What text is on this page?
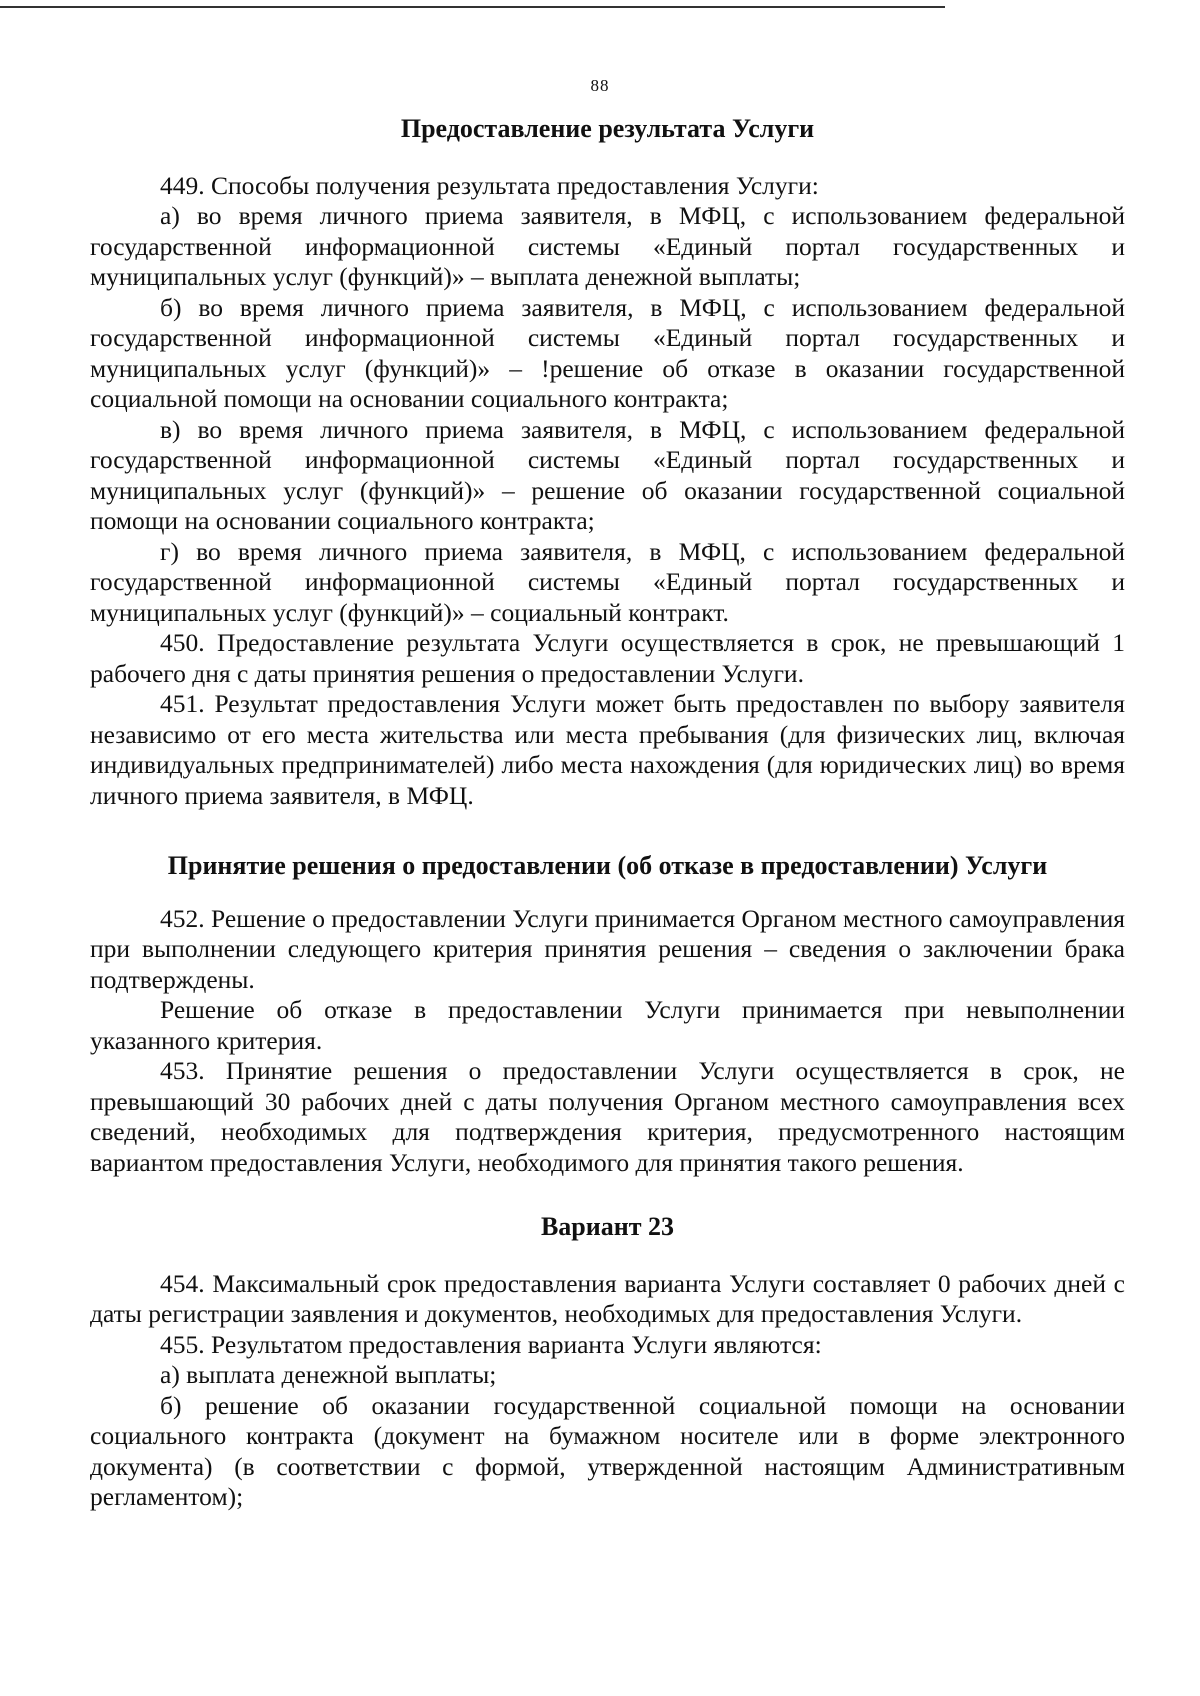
88
Предоставление результата Услуги

449. Способы получения результата предоставления Услуги:

а) во время личного приема заявителя, в МФЦ, с использованием федеральной государственной информационной системы «Единый портал государственных и муниципальных услуг (функций)» – выплата денежной выплаты;

б) во время личного приема заявителя, в МФЦ, с использованием федеральной государственной информационной системы «Единый портал государственных и муниципальных услуг (функций)» – !решение об отказе в оказании государственной социальной помощи на основании социального контракта;

в) во время личного приема заявителя, в МФЦ, с использованием федеральной государственной информационной системы «Единый портал государственных и муниципальных услуг (функций)» – решение об оказании государственной социальной помощи на основании социального контракта;

г) во время личного приема заявителя, в МФЦ, с использованием федеральной государственной информационной системы «Единый портал государственных и муниципальных услуг (функций)» – социальный контракт.

450. Предоставление результата Услуги осуществляется в срок, не превышающий 1 рабочего дня с даты принятия решения о предоставлении Услуги.

451. Результат предоставления Услуги может быть предоставлен по выбору заявителя независимо от его места жительства или места пребывания (для физических лиц, включая индивидуальных предпринимателей) либо места нахождения (для юридических лиц) во время личного приема заявителя, в МФЦ.

Принятие решения о предоставлении (об отказе в предоставлении) Услуги

452. Решение о предоставлении Услуги принимается Органом местного самоуправления при выполнении следующего критерия принятия решения – сведения о заключении брака подтверждены.

Решение об отказе в предоставлении Услуги принимается при невыполнении указанного критерия.

453. Принятие решения о предоставлении Услуги осуществляется в срок, не превышающий 30 рабочих дней с даты получения Органом местного самоуправления всех сведений, необходимых для подтверждения критерия, предусмотренного настоящим вариантом предоставления Услуги, необходимого для принятия такого решения.

Вариант 23

454. Максимальный срок предоставления варианта Услуги составляет 0 рабочих дней с даты регистрации заявления и документов, необходимых для предоставления Услуги.

455. Результатом предоставления варианта Услуги являются:

а) выплата денежной выплаты;

б) решение об оказании государственной социальной помощи на основании социального контракта (документ на бумажном носителе или в форме электронного документа) (в соответствии с формой, утвержденной настоящим Административным регламентом);
